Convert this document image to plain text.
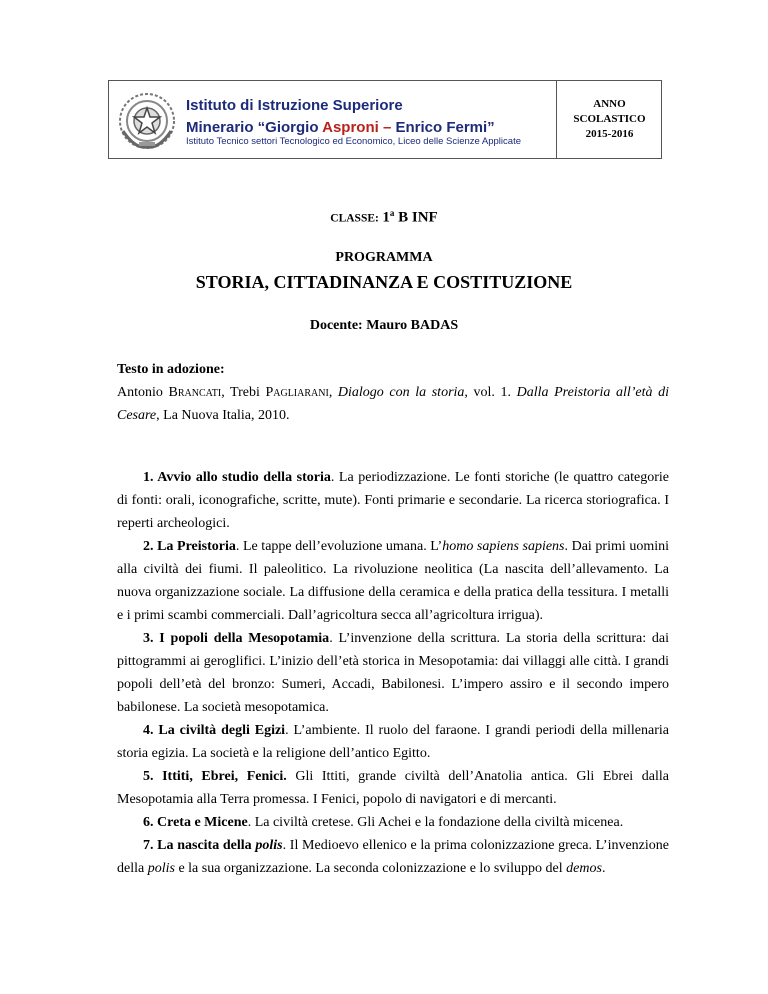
Istituto di Istruzione Superiore
Minerario “Giorgio Asproni – Enrico Fermi”
Istituto Tecnico settori Tecnologico ed Economico, Liceo delle Scienze Applicate
ANNO
SCOLASTICO
2015-2016
CLASSE: 1$^a$ B INF
PROGRAMMA
STORIA, CITTADINANZA E COSTITUZIONE
Docente: Mauro BADAS
Testo in adozione:
Antonio Brancati, Trebi Pagliarani, Dialogo con la storia, vol. 1. Dalla Preistoria all’età di Cesare, La Nuova Italia, 2010.

1. Avvio allo studio della storia. La periodizzazione. Le fonti storiche (le quattro categorie di fonti: orali, iconografiche, scritte, mute). Fonti primarie e secondarie. La ricerca storiografica. I reperti archeologici.

2. La Preistoria. Le tappe dell’evoluzione umana. L’homo sapiens sapiens. Dai primi uomini alla civiltà dei fiumi. Il paleolitico. La rivoluzione neolitica (La nascita dell’allevamento. La nuova organizzazione sociale. La diffusione della ceramica e della pratica della tessitura. I metalli e i primi scambi commerciali. Dall’agricoltura secca all’agricoltura irrigua).

3. I popoli della Mesopotamia. L’invenzione della scrittura. La storia della scrittura: dai pittogrammi ai geroglifici. L’inizio dell’età storica in Mesopotamia: dai villaggi alle città. I grandi popoli dell’età del bronzo: Sumeri, Accadi, Babilonesi. L’impero assiro e il secondo impero babilonese. La società mesopotamica.

4. La civiltà degli Egizi. L’ambiente. Il ruolo del faraone. I grandi periodi della millenaria storia egizia. La società e la religione dell’antico Egitto.

5. Ittiti, Ebrei, Fenici. Gli Ittiti, grande civiltà dell’Anatolia antica. Gli Ebrei dalla Mesopotamia alla Terra promessa. I Fenici, popolo di navigatori e di mercanti.

6. Creta e Micene. La civiltà cretese. Gli Achei e la fondazione della civiltà micenea.

7. La nascita della polis. Il Medioevo ellenico e la prima colonizzazione greca. L’invenzione della polis e la sua organizzazione. La seconda colonizzazione e lo sviluppo del demos.
